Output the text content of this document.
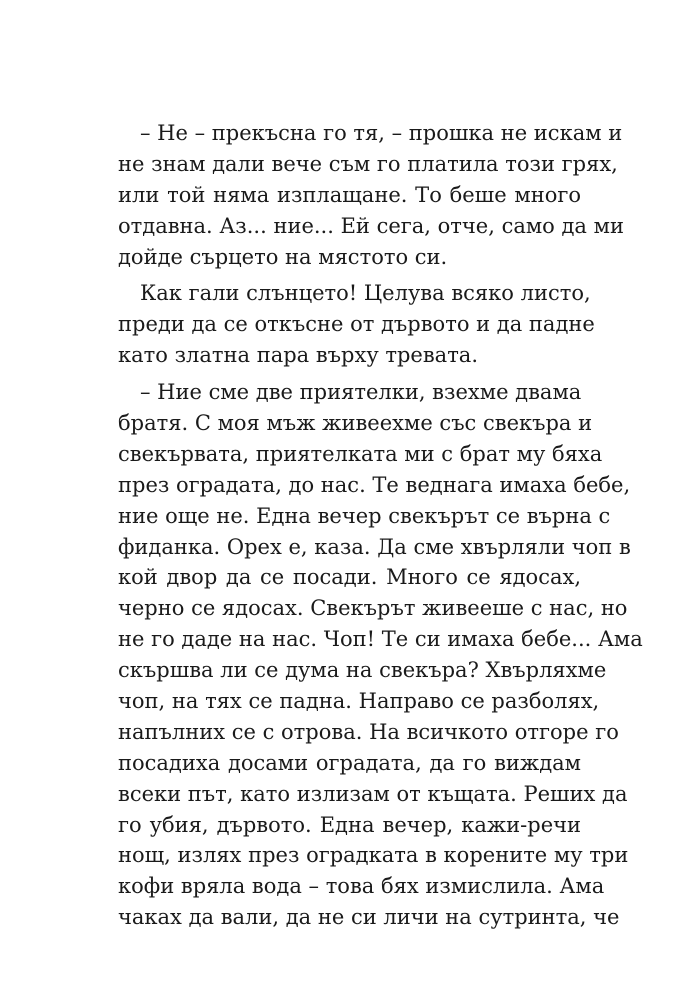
– Не – прекъсна го тя, – прошка не искам и
не знам дали вече съм го платила този грях,
или той няма изплащане. То беше много
отдавна. Аз... ние... Ей сега, отче, само да ми
дойде сърцето на мястото си.
Как гали слънцето! Целува всяко листо,
преди да се откъсне от дървото и да падне
като златна пара върху тревата.
– Ние сме две приятелки, взехме двама
братя. С моя мъж живеехме със свекъра и
свекървата, приятелката ми с брат му бяха
през оградата, до нас. Те веднага имаха бебе,
ние още не. Една вечер свекърът се върна с
фиданка. Орех е, каза. Да сме хвърляли чоп в
кой двор да се посади. Много се ядосах,
черно се ядосах. Свекърът живееше с нас, но
не го даде на нас. Чоп! Те си имаха бебе... Ама
скършва ли се дума на свекъра? Хвърляхме
чоп, на тях се падна. Направо се разболях,
напълних се с отрова. На всичкото отгоре го
посадиха досами оградата, да го виждам
всеки път, като излизам от къщата. Реших да
го убия, дървото. Една вечер, кажи-речи
нощ, излях през оградката в корените му три
кофи вряла вода – това бях измислила. Ама
чаках да вали, да не си личи на сутринта, че
